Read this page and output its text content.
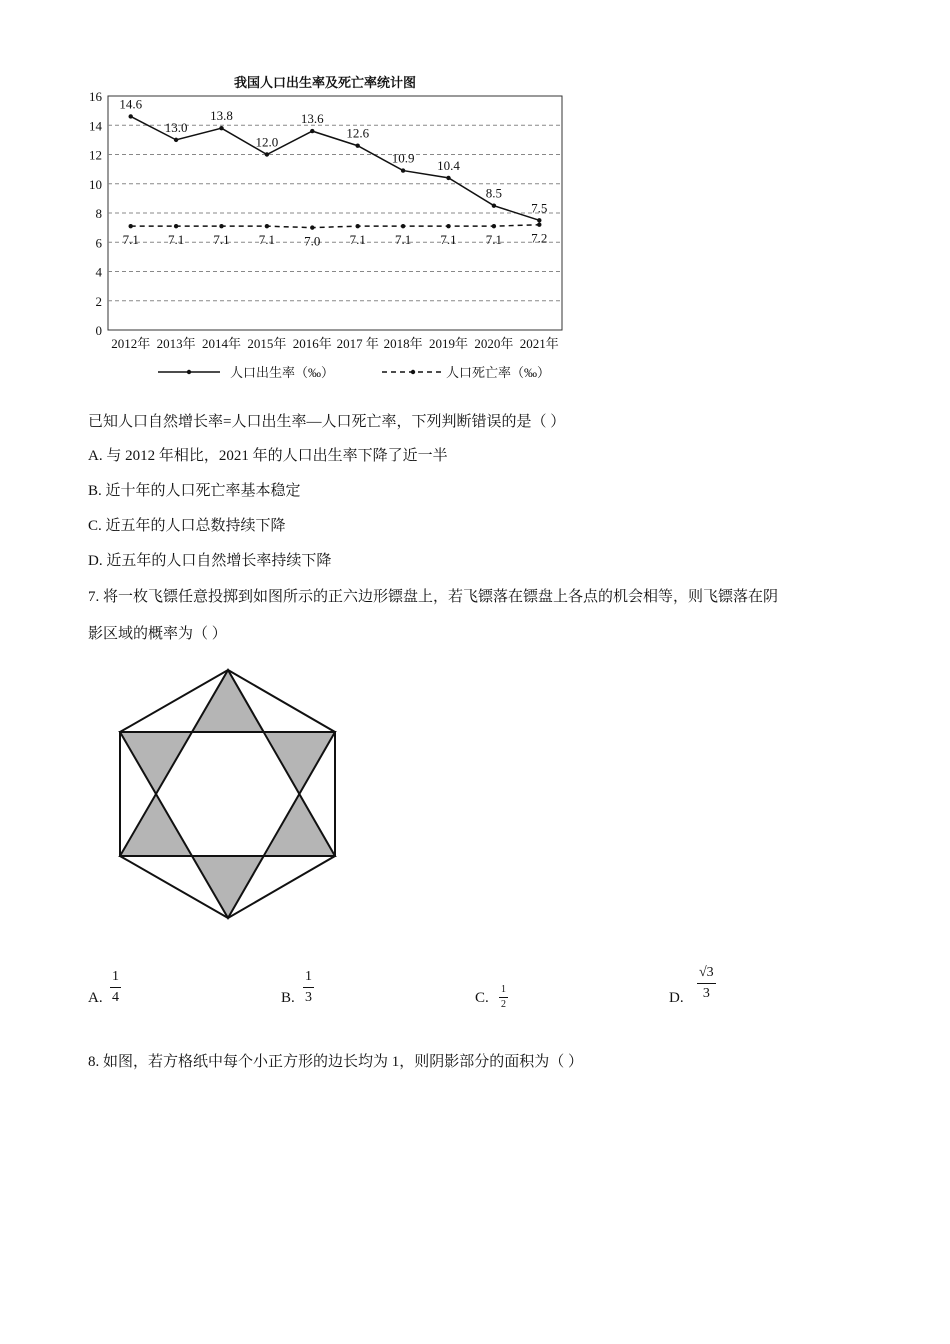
我国人口出生率及死亡率统计图
0
2
4
6
8
10
12
14
16
2012年 2013年 2014年 2015年 2016年 2017 年 2018年 2019年 2020年 2021年
14.6
13.0
13.8
12.0
13.6
12.6
10.9 10.4
8.5
7.5
7.1 7.1 7.1 7.1 7.0 7.1 7.1 7.1 7.1 7.2
人口出生率（‰）	人口死亡率（‰）
已知人口自然增长率=人口出生率—人口死亡率，下列判断错误的是（ ）
A. 与 2012 年相比，2021 年的人口出生率下降了近一半
B. 近十年的人口死亡率基本稳定
C. 近五年的人口总数持续下降
D. 近五年的人口自然增长率持续下降
7. 将一枚飞镖任意投掷到如图所示的正六边形镖盘上，若飞镖落在镖盘上各点的机会相等，则飞镖落在阴
影区域的概率为（ ）
A.
1
4	B.
1
3	C.
1
2	D.
√3
3
8. 如图，若方格纸中每个小正方形的边长均为 1，则阴影部分的面积为（ ）
